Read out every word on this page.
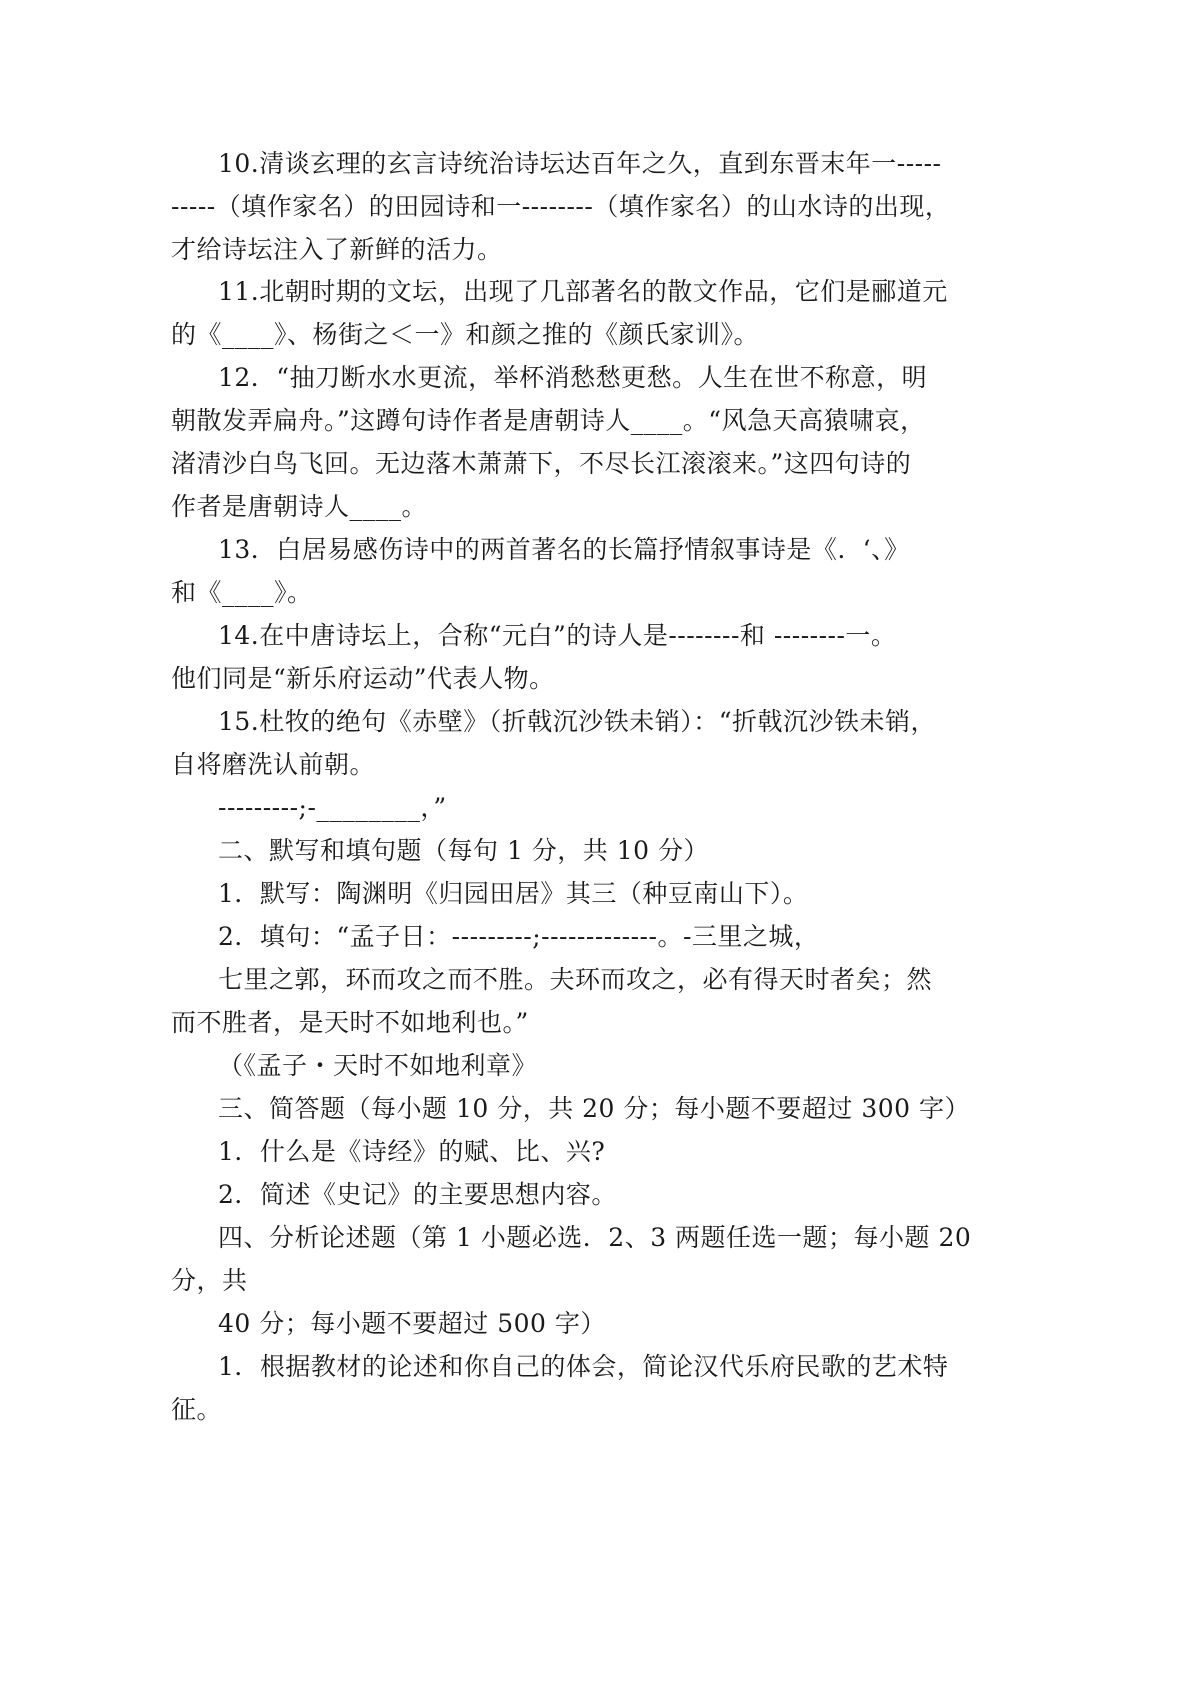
10.清谈玄理的玄言诗统治诗坛达百年之久，直到东晋末年一-----

-----（填作家名）的田园诗和一--------（填作家名）的山水诗的出现，

才给诗坛注入了新鲜的活力。

11.北朝时期的文坛，出现了几部著名的散文作品，它们是郦道元

的《____》、杨街之＜一》和颜之推的《颜氏家训》。

12．“抽刀断水水更流，举杯消愁愁更愁。人生在世不称意，明

朝散发弄扁舟。”这蹲句诗作者是唐朝诗人____。“风急天高猿啸哀，

渚清沙白鸟飞回。无边落木萧萧下，不尽长江滚滚来。”这四句诗的

作者是唐朝诗人____。

13．白居易感伤诗中的两首著名的长篇抒情叙事诗是《.  ‘、》

和《____》。

14.在中唐诗坛上，合称“元白”的诗人是--------和 --------一。

他们同是“新乐府运动”代表人物。

15.杜牧的绝句《赤壁》（折戟沉沙铁未销）：“折戟沉沙铁未销，

自将磨洗认前朝。

---------;-________，”

二、默写和填句题（每句 1 分，共 10 分）

1．默写：陶渊明《归园田居》其三（种豆南山下）。

2．填句：“孟子日：---------;-------------。-三里之城，

七里之郭，环而攻之而不胜。夫环而攻之，必有得天时者矣；然

而不胜者，是天时不如地利也。”

（《孟子・天时不如地利章》

三、简答题（每小题 10 分，共 20 分；每小题不要超过 300 字）

1．什么是《诗经》的赋、比、兴?

2．简述《史记》的主要思想内容。

四、分析论述题（第 1 小题必选．2、3 两题任选一题；每小题 20

分，共

40 分；每小题不要超过 500 字）

1．根据教材的论述和你自己的体会，简论汉代乐府民歌的艺术特

征。
